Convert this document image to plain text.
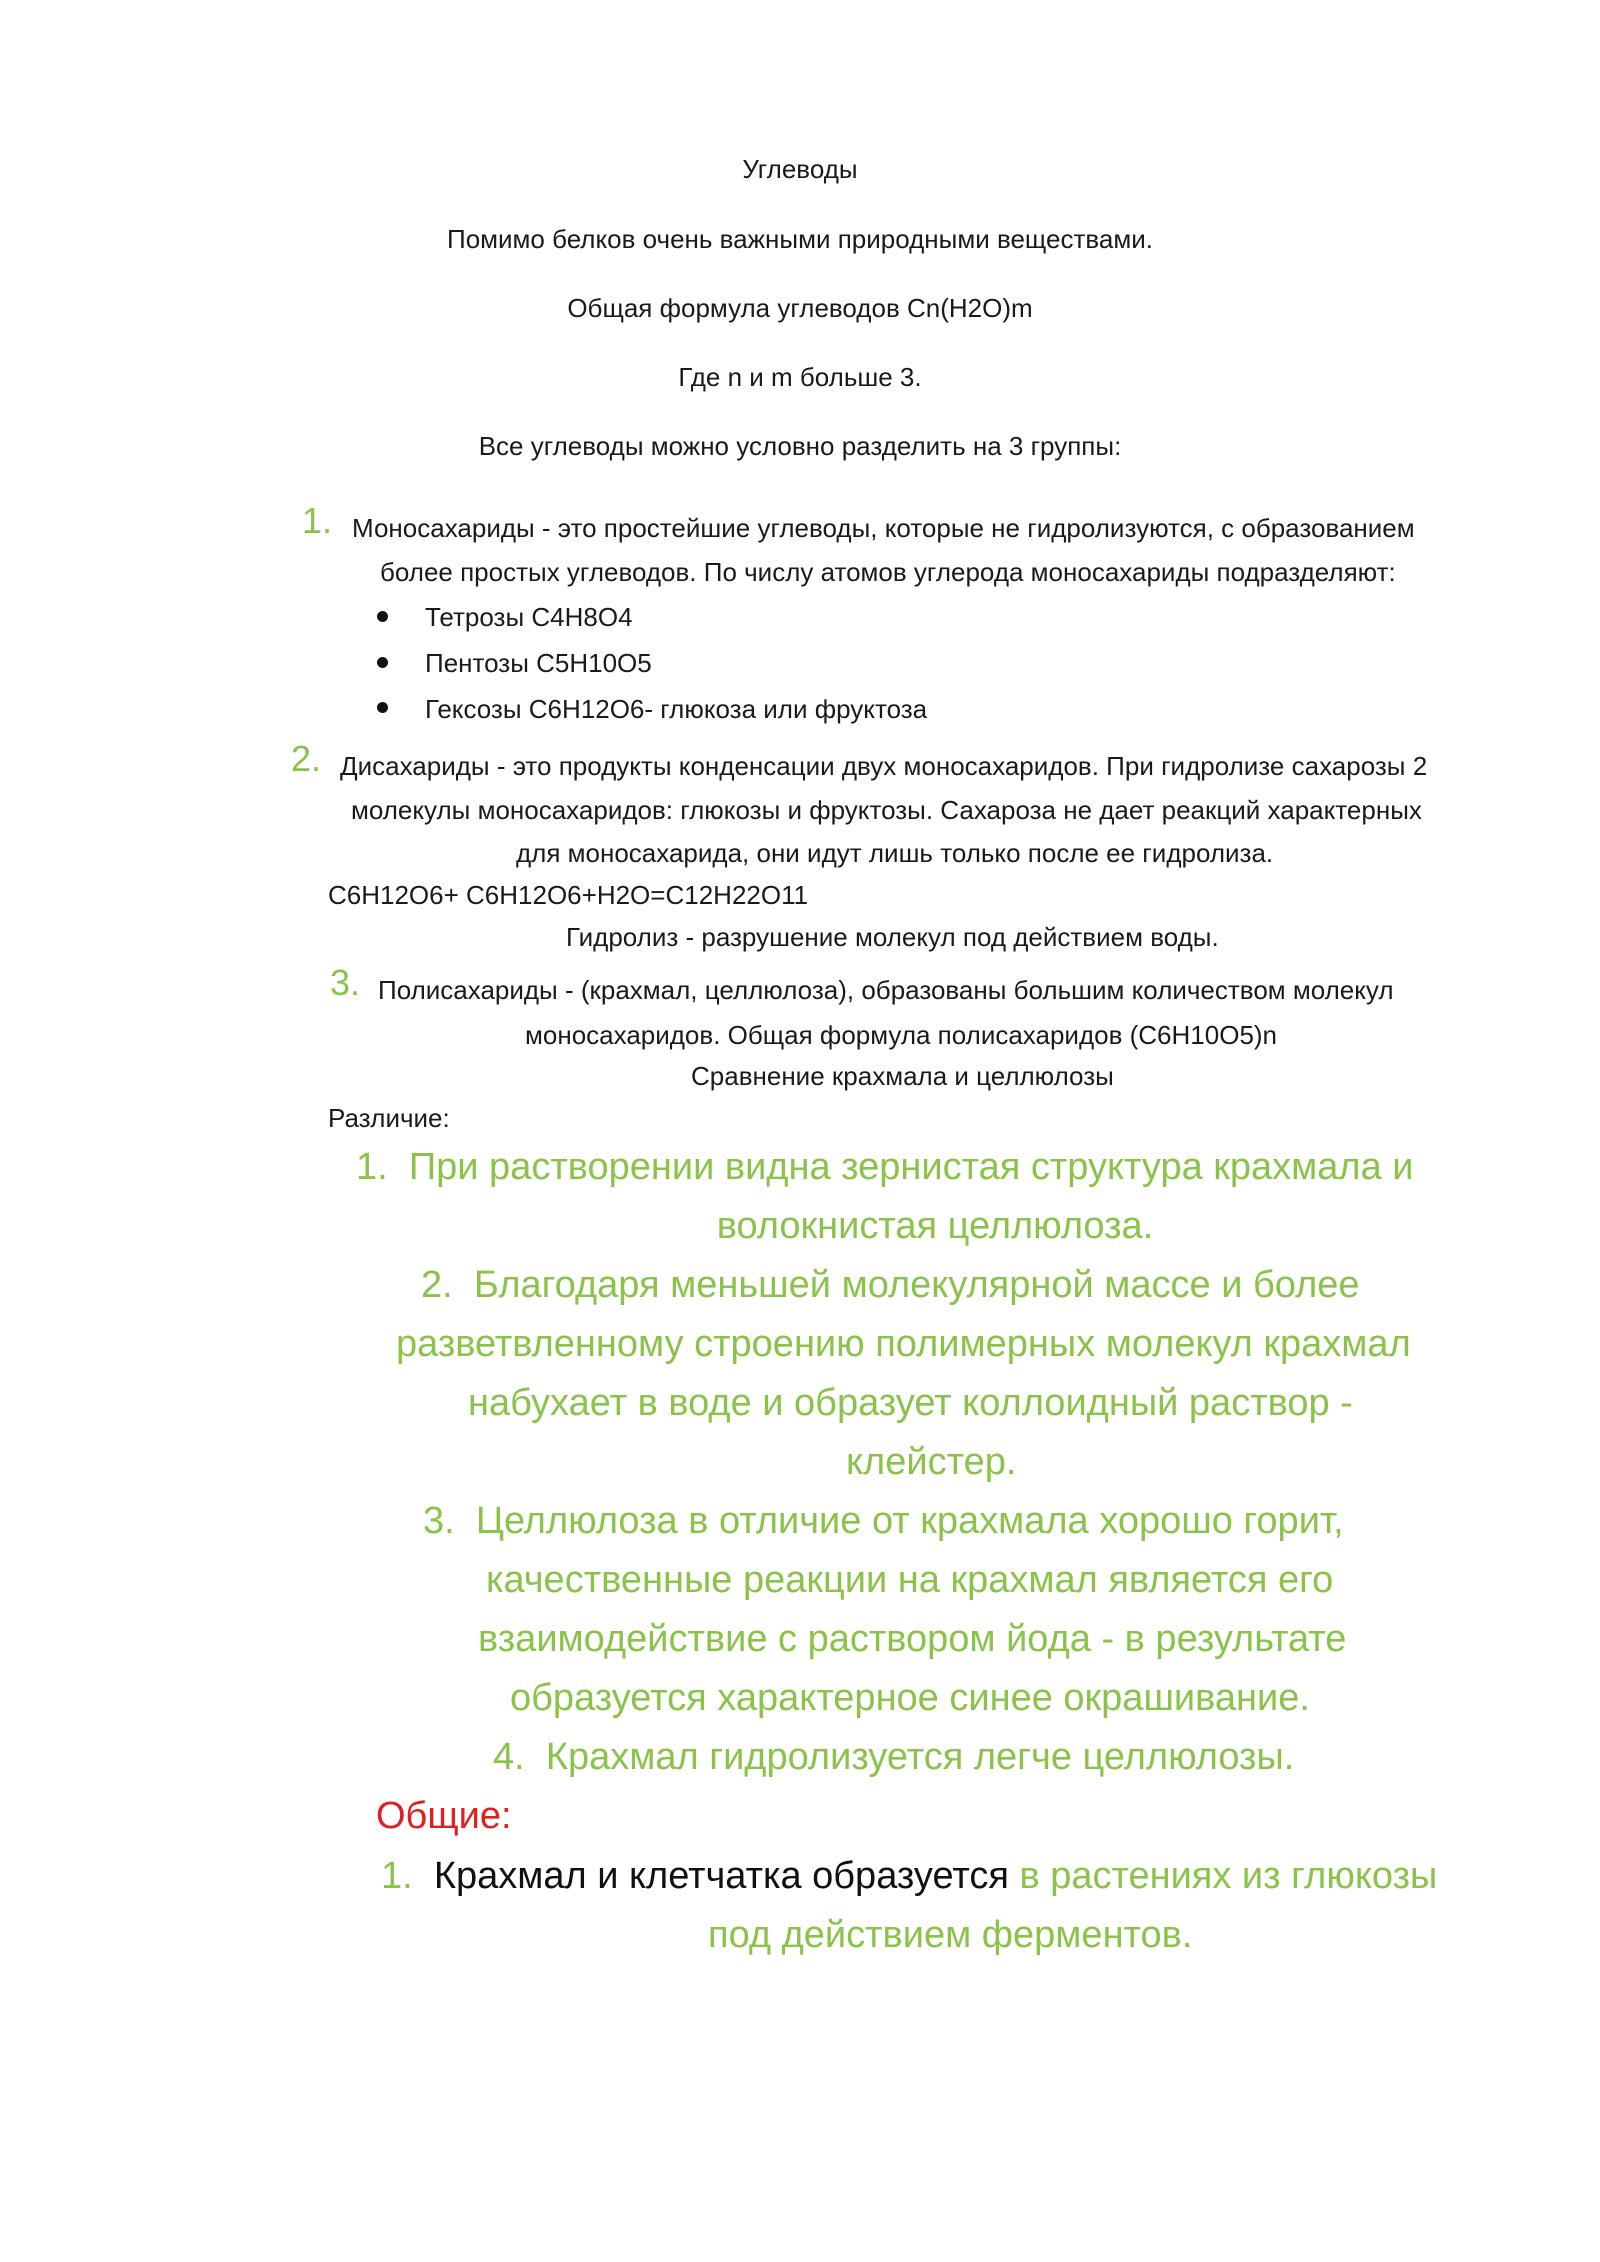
Углеводы
Помимо белков очень важными природными веществами.
Общая формула углеводов Cn(H2O)m
Где n и m больше 3.
Все углеводы можно условно разделить на 3 группы:
1. Моносахариды - это простейшие углеводы, которые не гидролизуются, с образованием
более простых углеводов. По числу атомов углерода моносахариды подразделяют:
Тетрозы С4Н8О4
Пентозы С5Н10О5
Гексозы С6Н12О6- глюкоза или фруктоза
2. Дисахариды - это продукты конденсации двух моносахаридов. При гидролизе сахарозы 2
молекулы моносахаридов: глюкозы и фруктозы. Сахароза не дает реакций характерных
для моносахарида, они идут лишь только после ее гидролиза.
С6Н12О6+ С6Н12О6+Н2О=С12Н22О11
Гидролиз - разрушение молекул под действием воды.
3. Полисахариды - (крахмал, целлюлоза), образованы большим количеством молекул
моносахаридов. Общая формула полисахаридов (С6Н10О5)n
Сравнение крахмала и целлюлозы
Различие:
1. При растворении видна зернистая структура крахмала и
волокнистая целлюлоза.
2. Благодаря меньшей молекулярной массе и более
разветвленному строению полимерных молекул крахмал
набухает в воде и образует коллоидный раствор -
клейстер.
3. Целлюлоза в отличие от крахмала хорошо горит,
качественные реакции на крахмал является его
взаимодействие с раствором йода - в результате
образуется характерное синее окрашивание.
4. Крахмал гидролизуется легче целлюлозы.
Общие:
1. Крахмал и клетчатка образуется в растениях из глюкозы
под действием ферментов.
